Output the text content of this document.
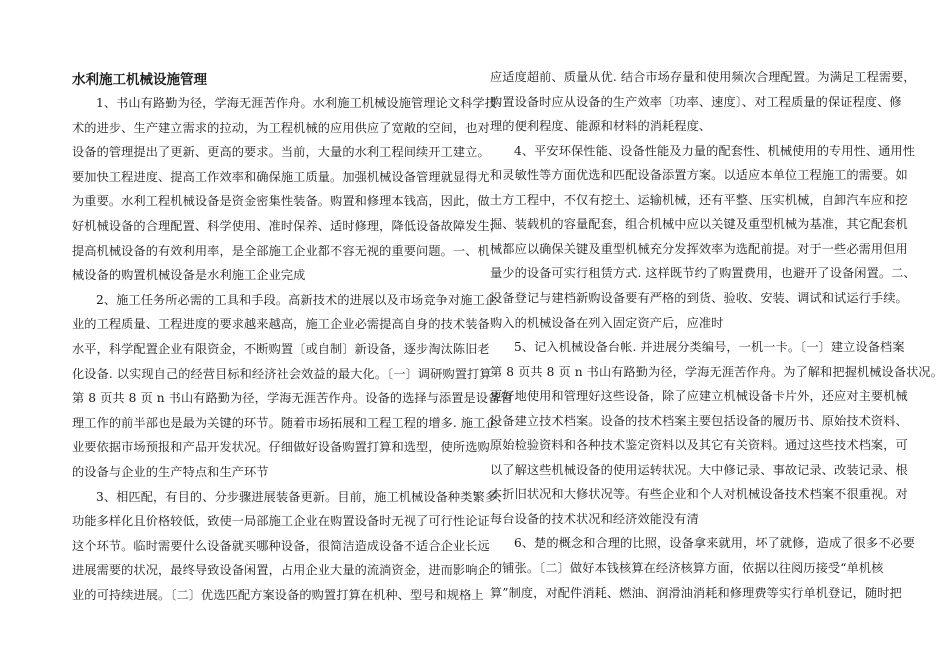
水利施工机械设施管理
1、书山有路勤为径，学海无涯苦作舟。水利施工机械设施管理论文科学技
术的进步、生产建立需求的拉动，为工程机械的应用供应了宽敞的空间，也对
设备的管理提出了更新、更高的要求。当前，大量的水利工程间续开工建立。
要加快工程进度、提高工作效率和确保施工质量。加强机械设备管理就显得尤
为重要。水利工程机械设备是资金密集性装备。购置和修理本钱高，因此，做
好机械设备的合理配置、科学使用、准时保养、适时修理，降低设备故障发生，
提高机械设备的有效利用率，是全部施工企业都不容无视的重要问题。一、机
械设备的购置机械设备是水利施工企业完成
2、施工任务所必需的工具和手段。高新技术的进展以及市场竞争对施工企
业的工程质量、工程进度的要求越来越高，施工企业必需提高自身的技术装备
水平，科学配置企业有限资金，不断购置〔或自制〕新设备，逐步淘汰陈旧老
化设备. 以实现自己的经营目标和经济社会效益的最大化。〔一〕调研购置打算
第 8 页共 8 页 n 书山有路勤为径，学海无涯苦作舟。设备的选择与添置是设备管
理工作的前半部也是最为关键的环节。随着市场拓展和工程工程的增多. 施工企
业要依据市场预报和产品开发状况。仔细做好设备购置打算和选型，使所选购
的设备与企业的生产特点和生产环节
3、相匹配，有目的、分步骤进展装备更新。目前，施工机械设备种类繁多、
功能多样化且价格较低，致使一局部施工企业在购置设备时无视了可行性论证
这个环节。临时需要什么设备就买哪种设备，很简洁造成设备不适合企业长远
进展需要的状况，最终导致设备闲置，占用企业大量的流淌资金，进而影响企
业的可持续进展。〔二〕优选匹配方案设备的购置打算在机种、型号和规格上
应适度超前、质量从优. 结合市场存量和使用频次合理配置。为满足工程需要，
购置设备时应从设备的生产效率〔功率、速度〕、对工程质量的保证程度、修
理的便利程度、能源和材料的消耗程度、
4、平安环保性能、设备性能及力量的配套性、机械使用的专用性、通用性
和灵敏性等方面优选和匹配设备添置方案。以适应本单位工程施工的需要。如
土方工程中，不仅有挖土、运输机械，还有平整、压实机械，自卸汽车应和挖
掘、装载机的容量配套，组合机械中应以关键及重型机械为基准，其它配套机
械都应以确保关键及重型机械充分发挥效率为选配前提。对于一些必需用但用
量少的设备可实行租赁方式. 这样既节约了购置费用，也避开了设备闲置。二、
设备登记与建档新购设备要有严格的到货、验收、安装、调试和试运行手续。
购入的机械设备在列入固定资产后，应准时
5、记入机械设备台帐. 并进展分类编号，一机一卡。〔一〕建立设备档案
第 8 页共 8 页 n 书山有路勤为径，学海无涯苦作舟。为了解和把握机械设备状况。
更好地使用和管理好这些设备，除了应建立机械设备卡片外，还应对主要机械
设备建立技术档案。设备的技术档案主要包括设备的履历书、原始技术资料、
原始检验资料和各种技术鉴定资料以及其它有关资料。通过这些技术档案，可
以了解这些机械设备的使用运转状况。大中修记录、事故记录、改装记录、根
本折旧状况和大修状况等。有些企业和个人对机械设备技术档案不很重视。对
每台设备的技术状况和经济效能没有清
6、楚的概念和合理的比照，设备拿来就用，坏了就修，造成了很多不必要
的铺张。〔二〕做好本钱核算在经济核算方面，依据以往阅历接受“单机核
算”制度，对配件消耗、燃油、润滑油消耗和修理费等实行单机登记，随时把
